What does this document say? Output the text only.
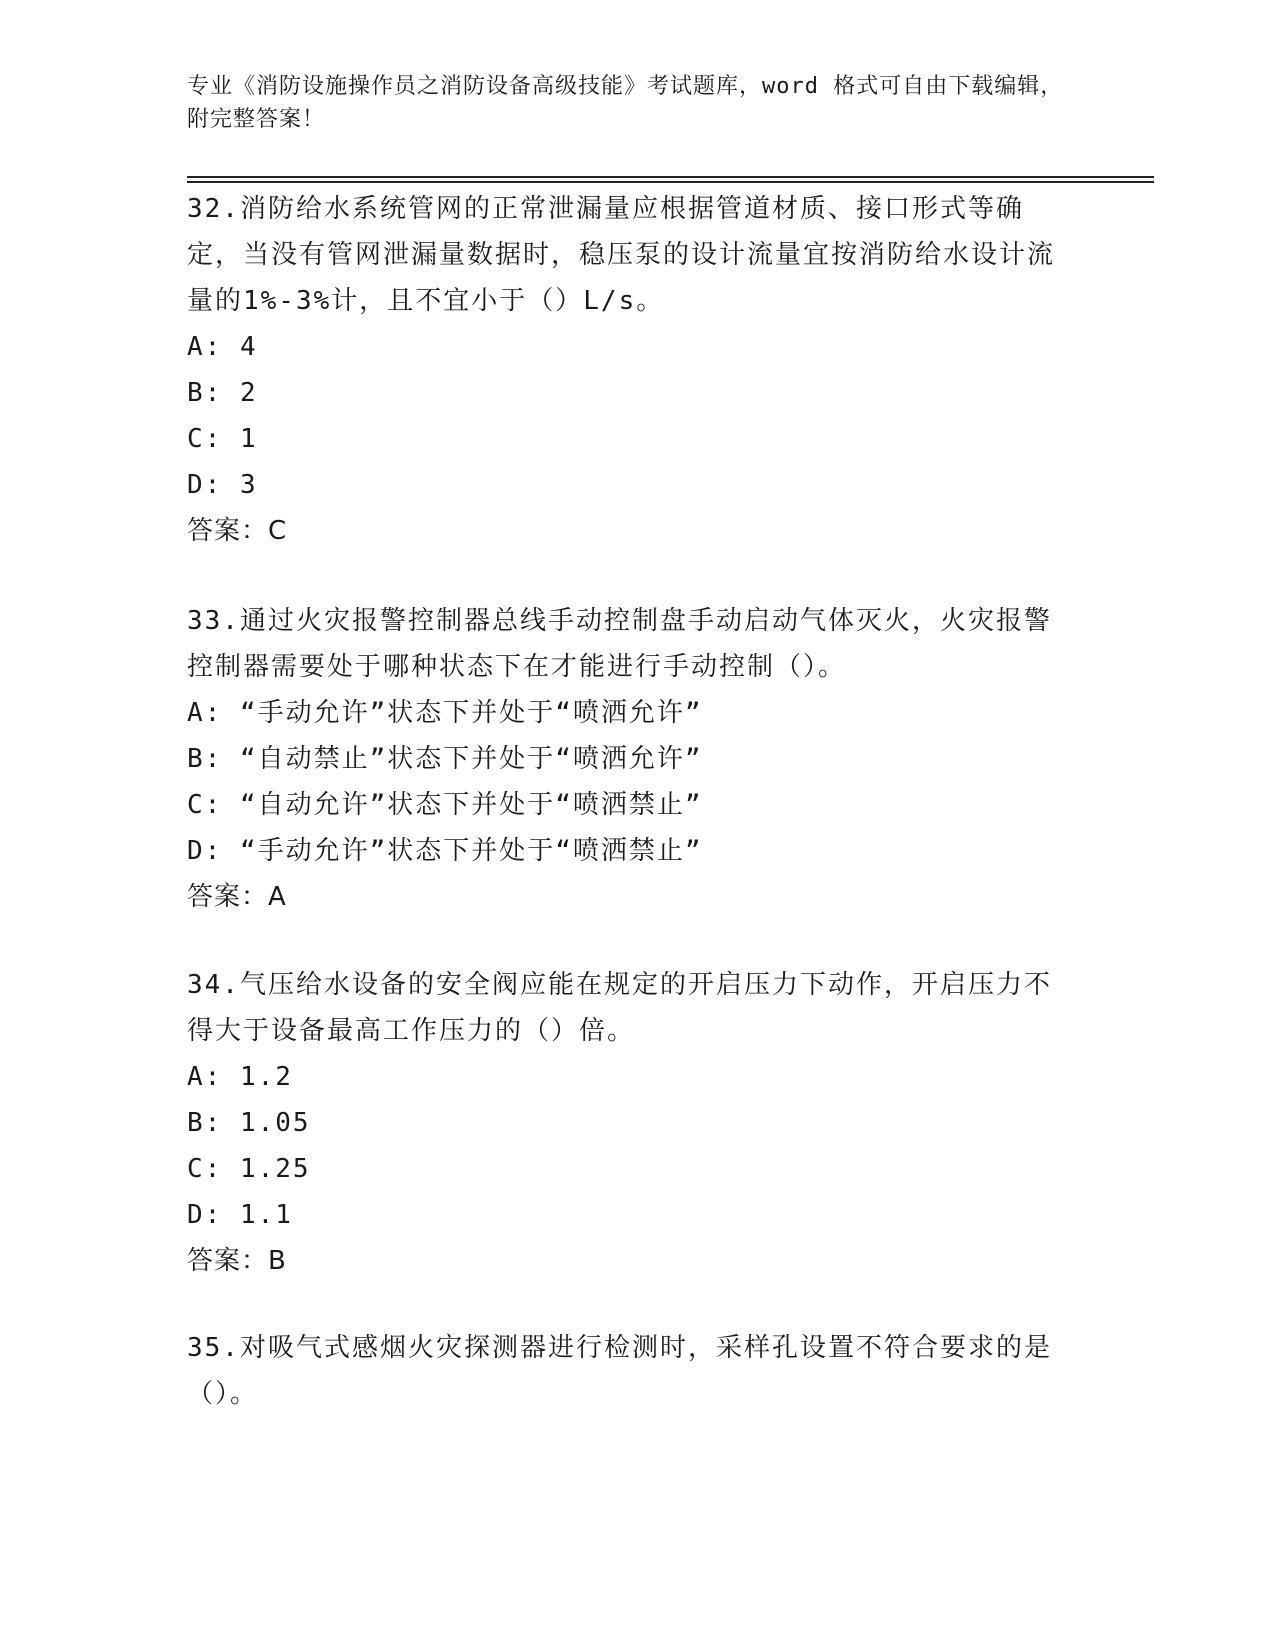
专业《消防设施操作员之消防设备高级技能》考试题库，word 格式可自由下载编辑，附完整答案！

32.消防给水系统管网的正常泄漏量应根据管道材质、接口形式等确定，当没有管网泄漏量数据时，稳压泵的设计流量宜按消防给水设计流量的1%-3%计，且不宜小于（）L/s。

A: 4

B: 2

C: 1

D: 3

答案：C

33.通过火灾报警控制器总线手动控制盘手动启动气体灭火，火灾报警控制器需要处于哪种状态下在才能进行手动控制（）。

A: “手动允许”状态下并处于“喷洒允许”

B: “自动禁止”状态下并处于“喷洒允许”

C: “自动允许”状态下并处于“喷洒禁止”

D: “手动允许”状态下并处于“喷洒禁止”

答案：A

34.气压给水设备的安全阀应能在规定的开启压力下动作，开启压力不得大于设备最高工作压力的（）倍。

A: 1.2

B: 1.05

C: 1.25

D: 1.1

答案：B

35.对吸气式感烟火灾探测器进行检测时，采样孔设置不符合要求的是（）。
